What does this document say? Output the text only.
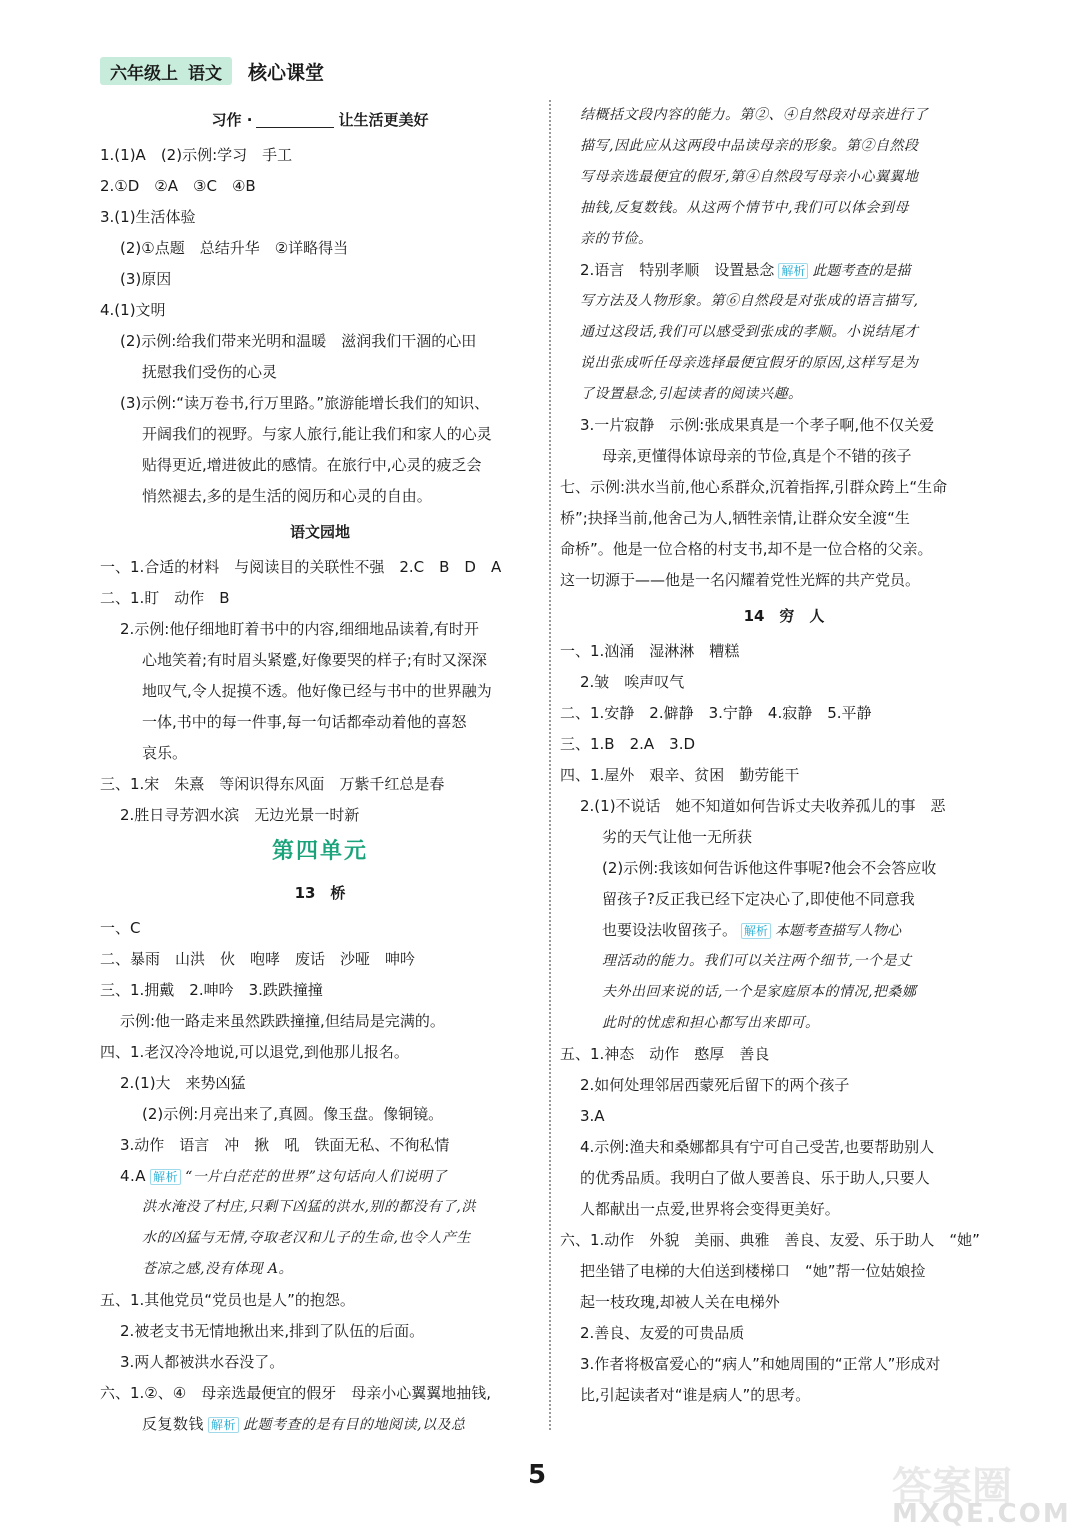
六年级上 语文 核心课堂
习作 ·	让生活更美好
1.(1)A　(2)示例:学习　手工
2.①D　②A　③C　④B
3.(1)生活体验
(2)①点题　总结升华　②详略得当
(3)原因
4.(1)文明
(2)示例:给我们带来光明和温暖　滋润我们干涸的心田
抚慰我们受伤的心灵
(3)示例:“读万卷书,行万里路。”旅游能增长我们的知识、
开阔我们的视野。与家人旅行,能让我们和家人的心灵
贴得更近,增进彼此的感情。在旅行中,心灵的疲乏会
悄然褪去,多的是生活的阅历和心灵的自由。
语文园地
一、1.合适的材料　与阅读目的关联性不强　2.C　B　D　A
二、1.盯　动作　B
2.示例:他仔细地盯着书中的内容,细细地品读着,有时开
心地笑着;有时眉头紧蹙,好像要哭的样子;有时又深深
地叹气,令人捉摸不透。他好像已经与书中的世界融为
一体,书中的每一件事,每一句话都牵动着他的喜怒
哀乐。
三、1.宋　朱熹　等闲识得东风面　万紫千红总是春
2.胜日寻芳泗水滨　无边光景一时新
第四单元
13　桥
一、C
二、暴雨　山洪　伙　咆哮　废话　沙哑　呻吟
三、1.拥戴　2.呻吟　3.跌跌撞撞
示例:他一路走来虽然跌跌撞撞,但结局是完满的。
四、1.老汉冷冷地说,可以退党,到他那儿报名。
2.(1)大　来势凶猛
(2)示例:月亮出来了,真圆。像玉盘。像铜镜。
3.动作　语言　冲　揪　吼　铁面无私、不徇私情
4.A 解析 “一片白茫茫的世界”这句话向人们说明了
洪水淹没了村庄,只剩下凶猛的洪水,别的都没有了,洪
水的凶猛与无情,夺取老汉和儿子的生命,也令人产生
苍凉之感,没有体现 A。
五、1.其他党员“党员也是人”的抱怨。
2.被老支书无情地揪出来,排到了队伍的后面。
3.两人都被洪水吞没了。
六、1.②、④　母亲选最便宜的假牙　母亲小心翼翼地抽钱,
反复数钱 解析 此题考查的是有目的地阅读,以及总
结概括文段内容的能力。第②、④自然段对母亲进行了
描写,因此应从这两段中品读母亲的形象。第②自然段
写母亲选最便宜的假牙,第④自然段写母亲小心翼翼地
抽钱,反复数钱。从这两个情节中,我们可以体会到母
亲的节俭。
2.语言　特别孝顺　设置悬念 解析 此题考查的是描
写方法及人物形象。第⑥自然段是对张成的语言描写,
通过这段话,我们可以感受到张成的孝顺。小说结尾才
说出张成听任母亲选择最便宜假牙的原因,这样写是为
了设置悬念,引起读者的阅读兴趣。
3.一片寂静　示例:张成果真是一个孝子啊,他不仅关爱
母亲,更懂得体谅母亲的节俭,真是个不错的孩子
七、示例:洪水当前,他心系群众,沉着指挥,引群众跨上“生命
桥”;抉择当前,他舍己为人,牺牲亲情,让群众安全渡“生
命桥”。他是一位合格的村支书,却不是一位合格的父亲。
这一切源于——他是一名闪耀着党性光辉的共产党员。
14　穷　人
一、1.汹涌　湿淋淋　糟糕
2.皱　唉声叹气
二、1.安静　2.僻静　3.宁静　4.寂静　5.平静
三、1.B　2.A　3.D
四、1.屋外　艰辛、贫困　勤劳能干
2.(1)不说话　她不知道如何告诉丈夫收养孤儿的事　恶
劣的天气让他一无所获
(2)示例:我该如何告诉他这件事呢?他会不会答应收
留孩子?反正我已经下定决心了,即使他不同意我
也要设法收留孩子。 解析 本题考查描写人物心
理活动的能力。我们可以关注两个细节,一个是丈
夫外出回来说的话,一个是家庭原本的情况,把桑娜
此时的忧虑和担心都写出来即可。
五、1.神态　动作　憨厚　善良
2.如何处理邻居西蒙死后留下的两个孩子
3.A
4.示例:渔夫和桑娜都具有宁可自己受苦,也要帮助别人
的优秀品质。我明白了做人要善良、乐于助人,只要人
人都献出一点爱,世界将会变得更美好。
六、1.动作　外貌　美丽、典雅　善良、友爱、乐于助人　“她”
把坐错了电梯的大伯送到楼梯口　“她”帮一位姑娘捡
起一枝玫瑰,却被人关在电梯外
2.善良、友爱的可贵品质
3.作者将极富爱心的“病人”和她周围的“正常人”形成对
比,引起读者对“谁是病人”的思考。
5	答案圈
MXQE.COM
